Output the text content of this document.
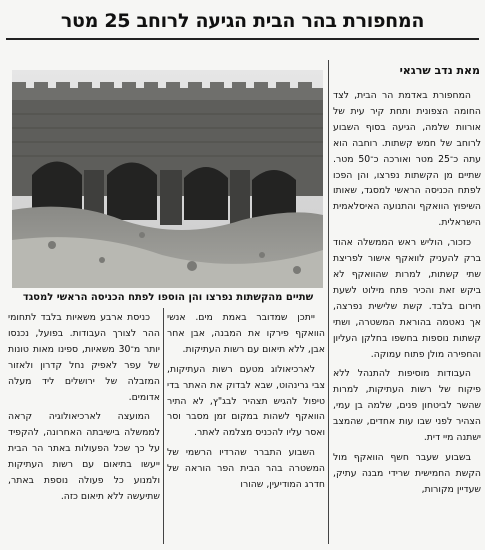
המחפורת בהר הבית הגיעה לרוחב 25 מטר
שתיים מהקשתות נפרצו והן הוספו לפתח הכניסה הראשי למסגד
מאת נדב שרגאי

המחפורת באדמת הר הבית, לצד החומה הצפונית ותחת קיר עית של אורוות שלמה, הגיעה בסוף השבוע לרוחב של חמש קשתות. רוחבה הוא עתה כ־25 מטר ואורכה כ־50 מטר. שתיים מן הקשתות נפרצו, והן הפכו לפתח הכניסה הראשי למסגד, שאותו השיפוץ הוואקף והתנועה האיסלאמית הישראלית.

כזכור, הוליש ראש הממשלה אהוד ברק להעניק לוואקף אישור לפריצת שתי קשתות, למרות שהוואקף לא ביקש זאת והכיר פתח מילוט לשעת חירום בלבד. קשת שלישית נפרצה, אך נאטמה בהוראת המשטרה, ושתי קשתות נוספות בחשפו בחלקן העליון והחפירה מולן פתוח עמוקה.

העבודות מוסיפות להתנהל ללא פיקוח של רשות העתיקות, למרות שהשר לביטחון פנים, שלמה בן עמי, הצהיר לפני שבו עות אחדים, שהמצב ישתנה מיי דית.

בשבוע שעבר חשף הוואקף מול הקשת החמישית שרידי מבנה עתיק, שעדיין מקורות,

ייתכן שמדובר באמת מים. אנשי הוואקף פירקו את המבנה, אבן אחר אבן, ללא תיאום עם רשות העתיקות.

לארכיאולוג מטעם רשות העתיקות, צבי גרינהוט, שבא לבדוק את האתר בדי טיפול להגיש תצהיר לבג"ץ, לא התיר הוואקף לשהות במקום זמן מסבר וסר ואסר עליו להכניס מצלמה לאתר.

השבוע התברר שהרדיו הרשמי של המשטרה בהר הבית הפר הוראה של חדרג המודיעין, שהורו

כניסת ארבע משאיות בלבד לתחומי ההר לצורך העבודות. בפועל, נכנסו יותר מ־30 משאיות, ספינו מאות טונות של עפר לאפיק נחל קדרון ולאזור המזבלה של ירושלים ליד מעלה אדומים.

המועצה לארכיאולוגיה קראה לממשלה בישיבתה האחרונה, להקפיד על כך שכל הפעולות באתר הר הבית ייעשו בתיאום עם רשות העתיקות ולמנוע כל פעולה נוספת באתר, שתיעשה ללא תיאום כזה.
